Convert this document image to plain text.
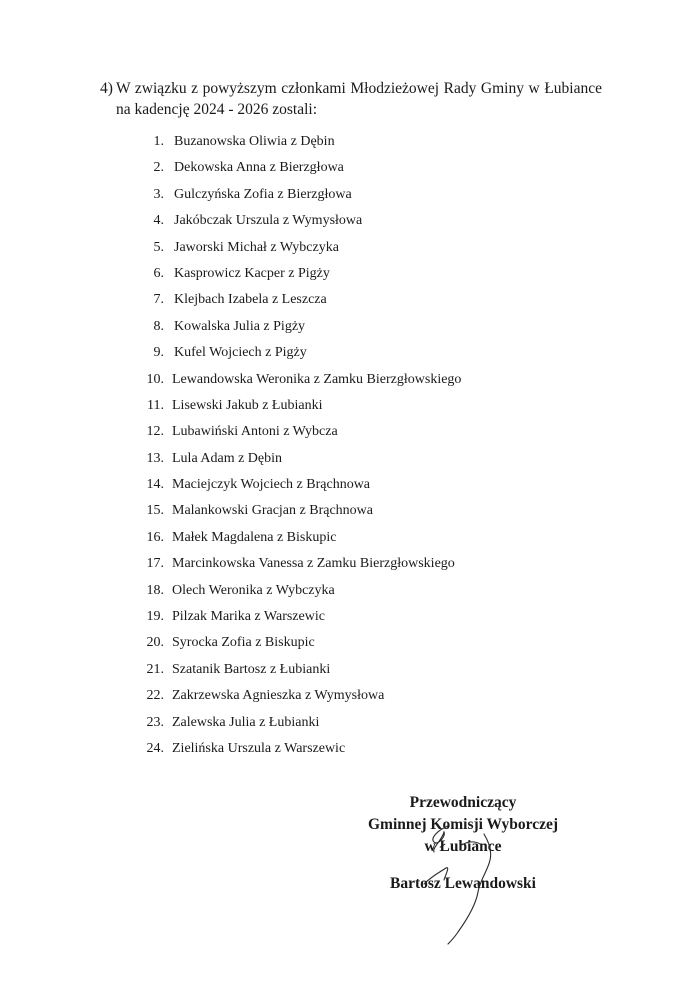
4) W związku z powyższym członkami Młodzieżowej Rady Gminy w Łubiance na kadencję 2024 - 2026 zostali:
1. Buzanowska Oliwia z Dębin
2. Dekowska Anna z Bierzgłowa
3. Gulczyńska Zofia z Bierzgłowa
4. Jakóbczak Urszula z Wymysłowa
5. Jaworski Michał z Wybczyka
6. Kasprowicz Kacper z Pigży
7. Klejbach Izabela z Leszcza
8. Kowalska Julia z Pigży
9. Kufel Wojciech z Pigży
10. Lewandowska Weronika z Zamku Bierzgłowskiego
11. Lisewski Jakub z Łubianki
12. Lubawiński Antoni z Wybcza
13. Lula Adam z Dębin
14. Maciejczyk Wojciech z Brąchnowa
15. Malankowski Gracjan z Brąchnowa
16. Małek Magdalena z Biskupic
17. Marcinkowska Vanessa z Zamku Bierzgłowskiego
18. Olech Weronika z Wybczyka
19. Pilzak Marika z Warszewic
20. Syrocka Zofia z Biskupic
21. Szatanik Bartosz z Łubianki
22. Zakrzewska Agnieszka z Wymysłowa
23. Zalewska Julia z Łubianki
24. Zielińska Urszula z Warszewic
Przewodniczący
Gminnej Komisji Wyborczej
w Łubiance
Bartosz Lewandowski
